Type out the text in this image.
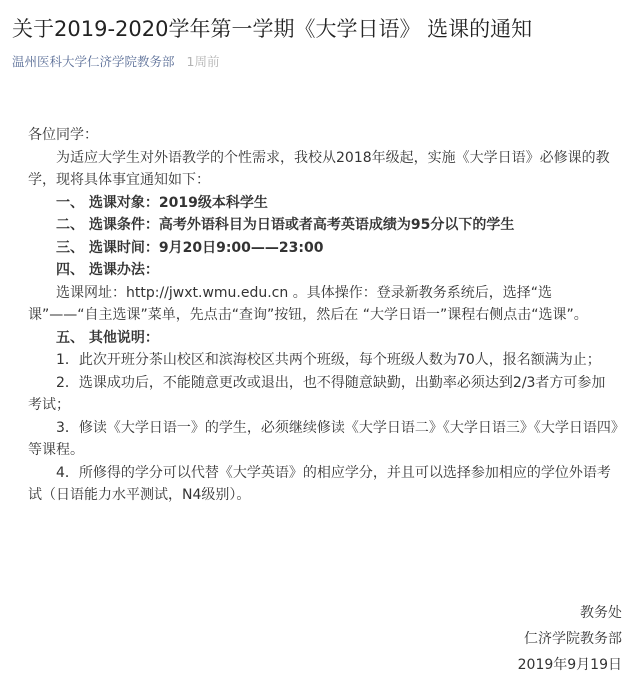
关于2019-2020学年第一学期《大学日语》 选课的通知
温州医科大学仁济学院教务部 1周前

各位同学：

为适应大学生对外语教学的个性需求，我校从2018年级起，实施《大学日语》必修课的教学，现将具体事宜通知如下：

一、 选课对象：2019级本科学生

二、 选课条件：高考外语科目为日语或者高考英语成绩为95分以下的学生

三、 选课时间：9月20日9:00——23:00

四、 选课办法：

选课网址：http://jwxt.wmu.edu.cn 。具体操作：登录新教务系统后，选择“选课”——“自主选课”菜单，先点击“查询”按钮，然后在 “大学日语一”课程右侧点击“选课”。

五、 其他说明：

1．此次开班分茶山校区和滨海校区共两个班级，每个班级人数为70人，报名额满为止；

2．选课成功后，不能随意更改或退出，也不得随意缺勤，出勤率必须达到2/3者方可参加考试；

3．修读《大学日语一》的学生，必须继续修读《大学日语二》《大学日语三》《大学日语四》等课程。

4．所修得的学分可以代替《大学英语》的相应学分，并且可以选择参加相应的学位外语考试（日语能力水平测试，N4级别）。

教务处
仁济学院教务部
2019年9月19日
